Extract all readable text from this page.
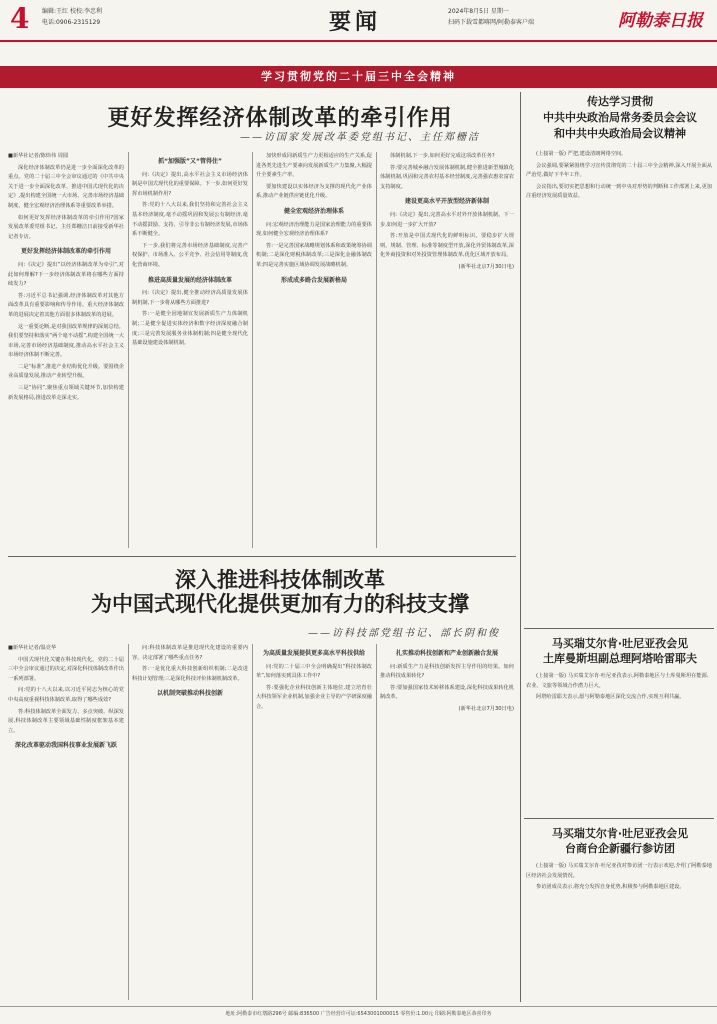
4 编辑:王红 校校:李忠利
电话:0906-2315129	要闻	2024年8月5日 星期一
扫码下载雪都喀网/阿勒泰客户端	阿勒泰日报
学习贯彻党的二十届三中全会精神
更好发挥经济体制改革的牵引作用
——访国家发展改革委党组书记、主任郑栅洁

■新华社记者/陈炜伟 周圆

深化经济体制改革仍是进一步全面深化改革的重点。党的二十届三中全会审议通过的《中共中央关于进一步全面深化改革、推进中国式现代化的决定》,提出构建全国统一大市场、完善市场经济基础制度、健全宏观经济治理体系等重要改革举措。

如何更好发挥经济体制改革的牵引作用?国家发展改革委党组书记、主任郑栅洁日前接受新华社记者专访。

更好发挥经济体制改革的牵引作用

问:《决定》提出“以经济体制改革为牵引”,对此如何理解?下一步经济体制改革将在哪些方面持续发力?

答:习近平总书记强调,经济体制改革对其他方面改革具有重要影响和传导作用。重大经济体制改革的进展决定着其他方面很多体制改革的进展。

这一重要论断,是对我国改革规律的深刻总结。我们要坚持和落实“两个毫不动摇”,构建全国统一大市场,完善市场经济基础制度,推动高水平社会主义市场经济体制不断完善。

二是“标准”,推进产业结构优化升级。要围绕企业高质量发展,推动产业转型升级。

三是“协同”,聚焦重点领域关键环节,加快构建新发展格局,推进改革走深走实。

抓“加强版”又“管得住”

问:《决定》提出,高水平社会主义市场经济体制是中国式现代化的重要保障。下一步,如何更好发挥市场机制作用?

答:党的十八大以来,我们坚持和完善社会主义基本经济制度,毫不动摇巩固和发展公有制经济,毫不动摇鼓励、支持、引导非公有制经济发展,市场体系不断健全。

下一步,我们将完善市场经济基础制度,完善产权保护、市场准入、公平竞争、社会信用等制度,优化营商环境。

推进高质量发展的经济体制改革

问:《决定》提出,健全推动经济高质量发展体制机制,下一步将从哪些方面推进?

答:一是健全因地制宜发展新质生产力体制机制;二是健全促进实体经济和数字经济深度融合制度;三是完善发展服务业体制机制;四是健全现代化基础设施建设体制机制。

加快形成同新质生产力更相适应的生产关系,促进各类先进生产要素向发展新质生产力集聚,大幅提升全要素生产率。

要加快建设以实体经济为支撑的现代化产业体系,推动产业链供应链优化升级。

健全宏观经济治理体系

问:宏观经济治理能力是国家治理能力的重要体现,如何健全宏观经济治理体系?

答:一是完善国家战略规划体系和政策统筹协调机制;二是深化财税体制改革;三是深化金融体制改革;四是完善实施区域协调发展战略机制。

形成成多路合发展新格局

体制机制,下一步,如何更好完成这项改革任务?

答:要完善城乡融合发展体制机制,健全推进新型城镇化体制机制,巩固和完善农村基本经营制度,完善强农惠农富农支持制度。

建设更高水平开放型经济新体制

问:《决定》提出,完善高水平对外开放体制机制。下一步,如何进一步扩大开放?

答:开放是中国式现代化的鲜明标识。要稳步扩大规则、规制、管理、标准等制度型开放,深化外贸体制改革,深化外商投资和对外投资管理体制改革,优化区域开放布局。

(新华社北京7月30日电)

深入推进科技体制改革
为中国式现代化提供更加有力的科技支撑
——访科技部党组书记、部长阴和俊

■新华社记者/温竞华

中国式现代化关键在科技现代化。党的二十届三中全会审议通过的决定,对深化科技体制改革作出一系列部署。

问:党的十八大以来,以习近平同志为核心的党中央高度重视科技体制改革,取得了哪些成效?

答:科技体制改革全面发力、多点突破、纵深发展,科技体制改革主要领域基础性制度框架基本建立。

深化改革驱动我国科技事业发展新飞跃

问:科技体制改革是推进现代化建设的重要内容。决定部署了哪些重点任务?

答:一是优化重大科技创新组织机制;二是改进科技计划管理;三是深化科技评价体制机制改革。

以机制突破推动科技创新
为高质量发展提供更多高水平科技供给

问:党的二十届三中全会明确提出“科技体制改革”,如何落实到具体工作中?

答:要强化企业科技创新主体地位,建立培育壮大科技领军企业机制,加强企业主导的产学研深度融合。

扎实推动科技创新和产业创新融合发展

问:新质生产力是科技创新发挥主导作用的结果。如何推动科技成果转化?

答:要加强国家技术转移体系建设,深化科技成果转化机制改革。

(新华社北京7月30日电)

传达学习贯彻
中共中央政治局常务委员会会议
和中共中央政治局会议精神

(上接第一版) 严把,建设清朗网络空间。

会议强调,要紧紧围绕学习宣传贯彻党的二十届三中全会精神,深入开展全面从严治党,做好下半年工作。

会议指出,要切实把思想和行动统一到中央对形势的判断和工作部署上来,更加注重经济发展质量效益。

马买瑞艾尔肯·吐尼亚孜会见
土库曼斯坦副总理阿塔哈雷耶夫

(上接第一版) 马买瑞艾尔肯·吐尼亚孜表示,阿勒泰地区与土库曼斯坦在能源、农业、文旅等领域合作潜力巨大。

阿塔哈雷耶夫表示,愿与阿勒泰地区深化交流合作,实现互利共赢。

马买瑞艾尔肯·吐尼亚孜会见
台商台企新疆行参访团

(上接第一版) 马买瑞艾尔肯·吐尼亚孜对参访团一行表示欢迎,介绍了阿勒泰地区经济社会发展情况。

参访团成员表示,将充分发挥自身优势,积极参与阿勒泰地区建设。

地址:阿勒泰市红墩路296号 邮编:836500 广告经营许可证:6543001000015 零售价:1.00元 印刷:阿勒泰地区恭喜印务
